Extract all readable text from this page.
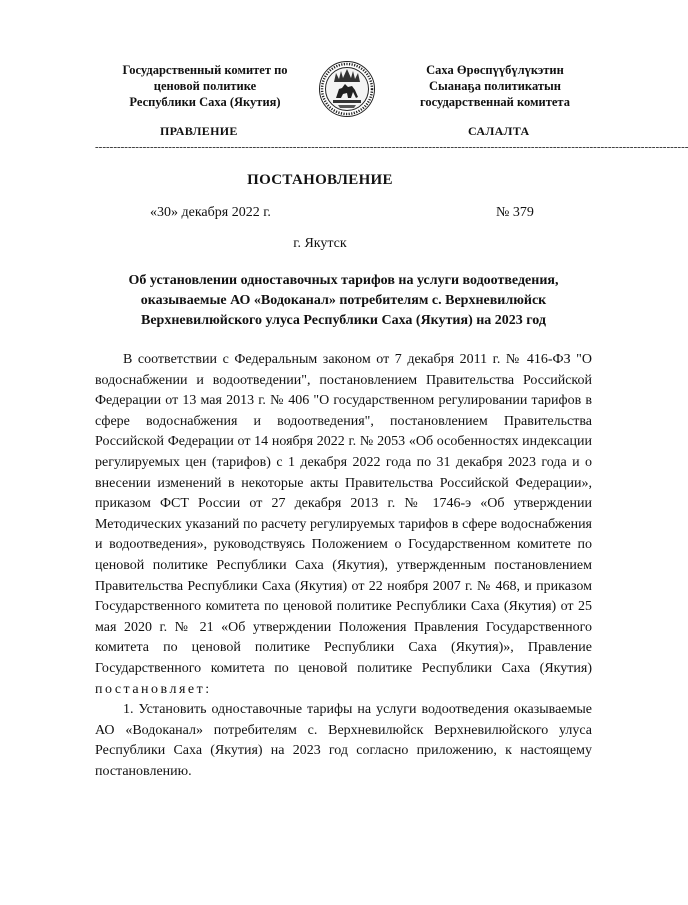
Государственный комитет по
ценовой политике
Республики Саха (Якутия)
Саха Өрөспүүбүлүкэтин
Сыанаҕа политикатын
государственнай комитета
ПРАВЛЕНИЕ	САЛАЛТА
------------------------------------------------------------------------------------------------------------------------------------------------------------------
ПОСТАНОВЛЕНИЕ
«30» декабря 2022 г.	№ 379
г. Якутск
Об установлении одноставочных тарифов на услуги водоотведения, оказываемые АО «Водоканал» потребителям с. Верхневилюйск Верхневилюйского улуса Республики Саха (Якутия) на 2023 год

В соответствии с Федеральным законом от 7 декабря 2011 г. № 416-ФЗ "О водоснабжении и водоотведении", постановлением Правительства Российской Федерации от 13 мая 2013 г. № 406 "О государственном регулировании тарифов в сфере водоснабжения и водоотведения", постановлением Правительства Российской Федерации от 14 ноября 2022 г. № 2053 «Об особенностях индексации регулируемых цен (тарифов) с 1 декабря 2022 года по 31 декабря 2023 года и о внесении изменений в некоторые акты Правительства Российской Федерации», приказом ФСТ России от 27 декабря 2013 г. № 1746-э «Об утверждении Методических указаний по расчету регулируемых тарифов в сфере водоснабжения и водоотведения», руководствуясь Положением о Государственном комитете по ценовой политике Республики Саха (Якутия), утвержденным постановлением Правительства Республики Саха (Якутия) от 22 ноября 2007 г. № 468, и приказом Государственного комитета по ценовой политике Республики Саха (Якутия) от 25 мая 2020 г. № 21 «Об утверждении Положения Правления Государственного комитета по ценовой политике Республики Саха (Якутия)», Правление Государственного комитета по ценовой политике Республики Саха (Якутия) постановляет:

1. Установить одноставочные тарифы на услуги водоотведения оказываемые АО «Водоканал» потребителям с. Верхневилюйск Верхневилюйского улуса Республики Саха (Якутия) на 2023 год согласно приложению, к настоящему постановлению.
